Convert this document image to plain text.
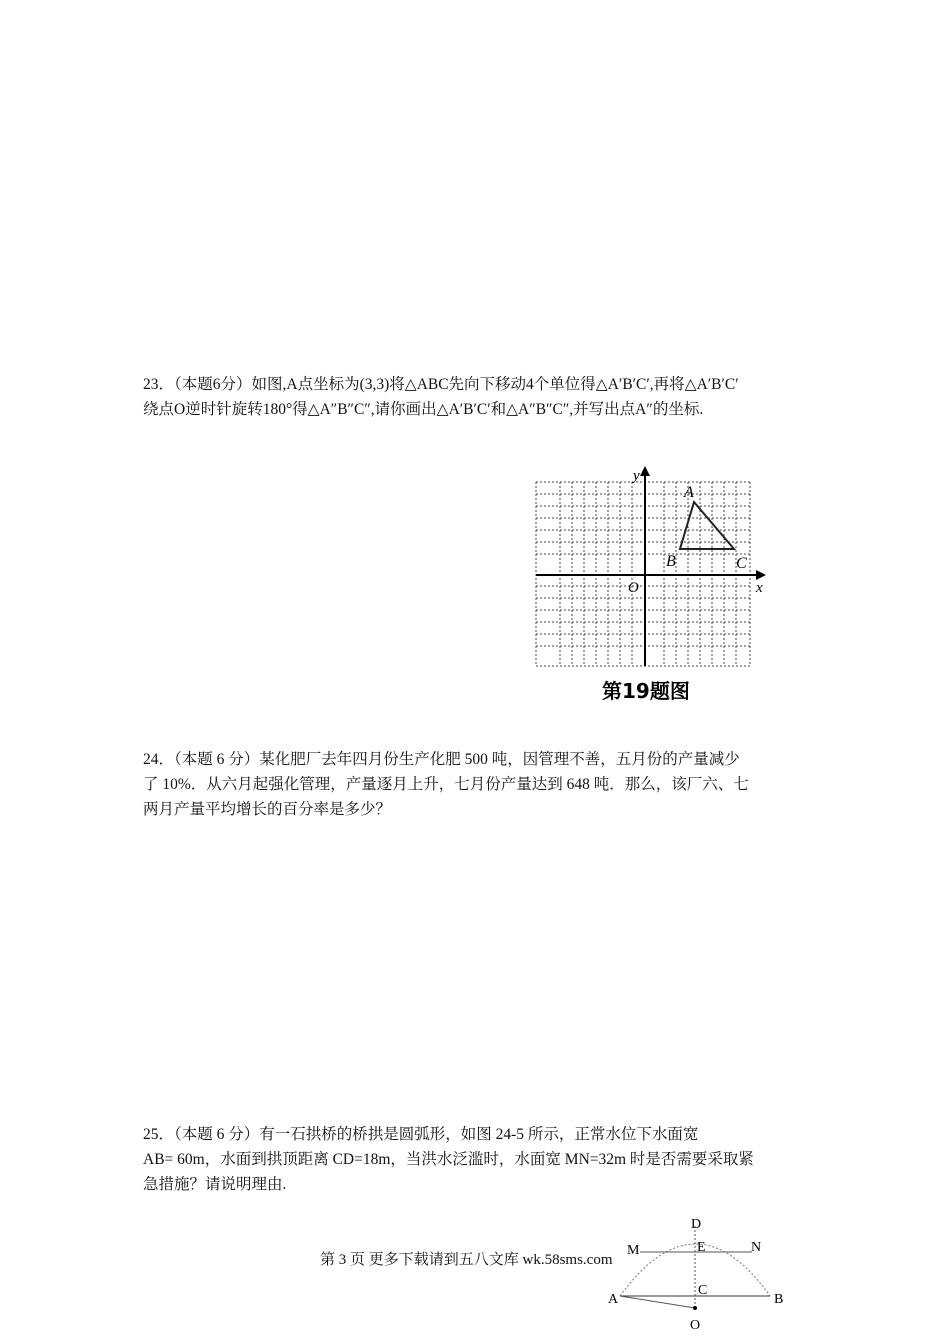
23．（本题6分）如图,A点坐标为(3,3)将△ABC先向下移动4个单位得△A′B′C′,再将△A′B′C′
绕点O逆时针旋转180°得△A″B″C″,请你画出△A′B′C′和△A″B″C″,并写出点A″的坐标.

y
x
O
A
B	C
第19题图

24．（本题 6 分）某化肥厂去年四月份生产化肥 500 吨，因管理不善，五月份的产量减少
了 10%．从六月起强化管理，产量逐月上升，七月份产量达到 648 吨．那么，该厂六、七
两月产量平均增长的百分率是多少？

25．（本题 6 分）有一石拱桥的桥拱是圆弧形，如图 24-5 所示，正常水位下水面宽
AB= 60m，水面到拱顶距离 CD=18m，当洪水泛滥时，水面宽 MN=32m 时是否需要采取紧
急措施？请说明理由.

D
E
M	N
A	B
C
O
第 3 页 更多下载请到五八文库 wk.58sms.com
